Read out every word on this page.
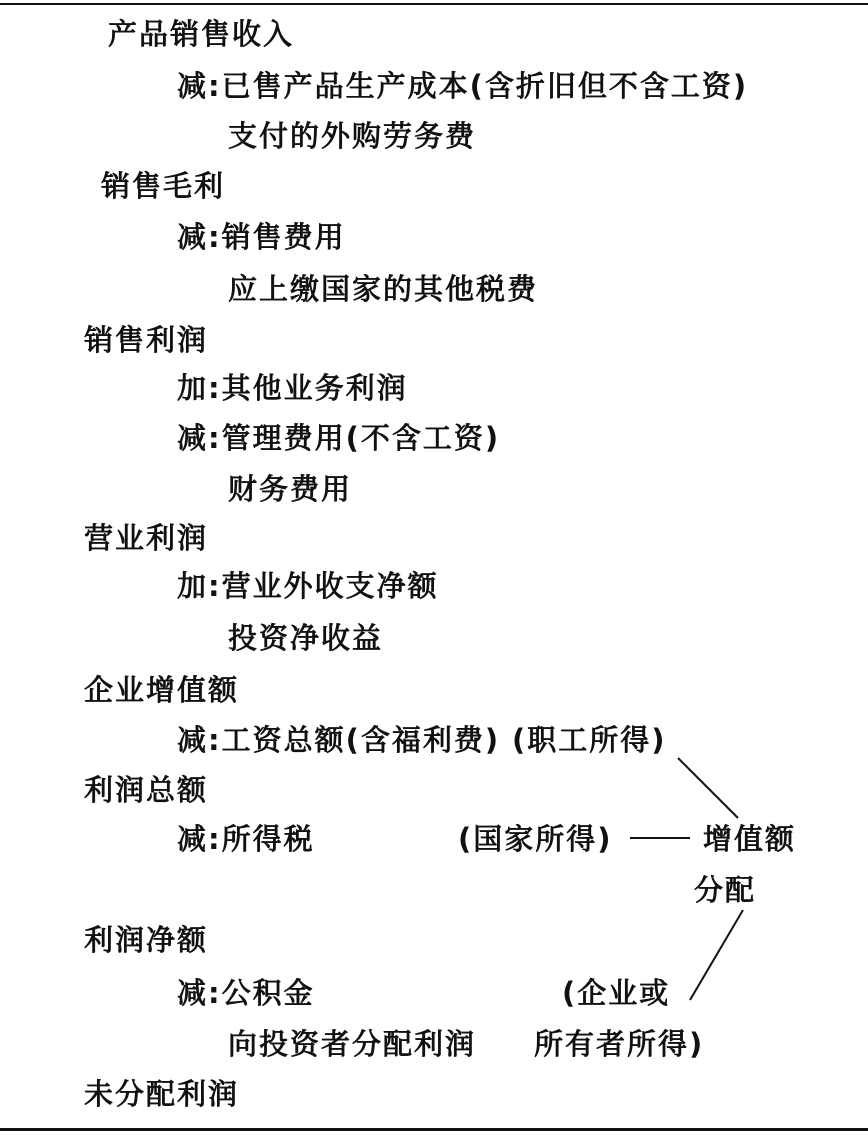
产品销售收入
减:已售产品生产成本(含折旧但不含工资)
支付的外购劳务费
销售毛利
减:销售费用
应上缴国家的其他税费
销售利润
加:其他业务利润
减:管理费用(不含工资)
财务费用
营业利润
加:营业外收支净额
投资净收益
企业增值额
减:工资总额(含福利费)
利润总额
减:所得税
利润净额
减:公积金
向投资者分配利润
未分配利润
(职工所得)
(国家所得)	增值额
分配
(企业或
所有者所得)
